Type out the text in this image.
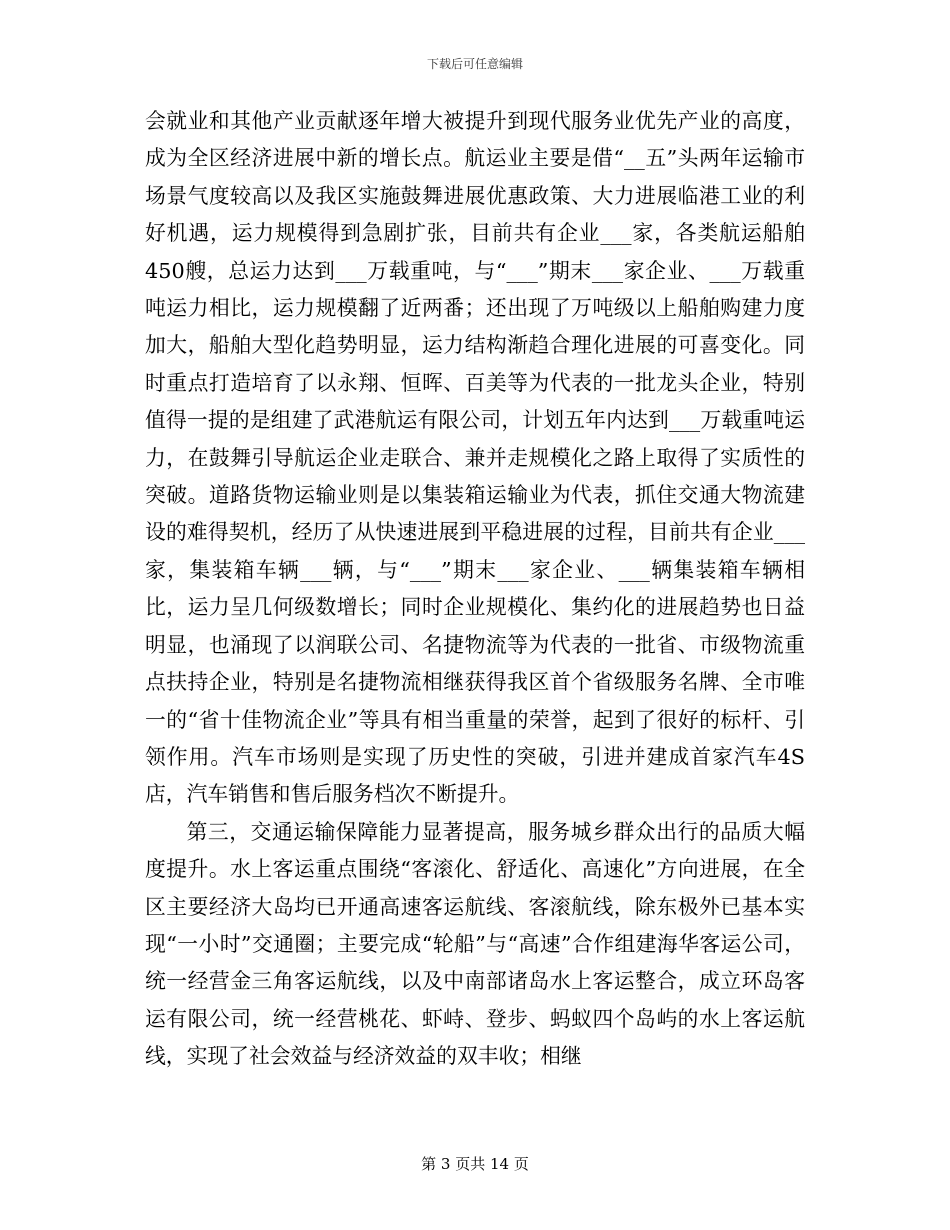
下载后可任意编辑

会就业和其他产业贡献逐年增大被提升到现代服务业优先产业的高度，成为全区经济进展中新的增长点。航运业主要是借“__五”头两年运输市场景气度较高以及我区实施鼓舞进展优惠政策、大力进展临港工业的利好机遇，运力规模得到急剧扩张，目前共有企业___家，各类航运船舶450艘，总运力达到___万载重吨，与“___”期末___家企业、___万载重吨运力相比，运力规模翻了近两番；还出现了万吨级以上船舶购建力度加大，船舶大型化趋势明显，运力结构渐趋合理化进展的可喜变化。同时重点打造培育了以永翔、恒晖、百美等为代表的一批龙头企业，特别值得一提的是组建了武港航运有限公司，计划五年内达到___万载重吨运力，在鼓舞引导航运企业走联合、兼并走规模化之路上取得了实质性的突破。道路货物运输业则是以集装箱运输业为代表，抓住交通大物流建设的难得契机，经历了从快速进展到平稳进展的过程，目前共有企业___家，集装箱车辆___辆，与“___”期末___家企业、___辆集装箱车辆相比，运力呈几何级数增长；同时企业规模化、集约化的进展趋势也日益明显，也涌现了以润联公司、名捷物流等为代表的一批省、市级物流重点扶持企业，特别是名捷物流相继获得我区首个省级服务名牌、全市唯一的“省十佳物流企业”等具有相当重量的荣誉，起到了很好的标杆、引领作用。汽车市场则是实现了历史性的突破，引进并建成首家汽车4S店，汽车销售和售后服务档次不断提升。

第三，交通运输保障能力显著提高，服务城乡群众出行的品质大幅度提升。水上客运重点围绕“客滚化、舒适化、高速化”方向进展，在全区主要经济大岛均已开通高速客运航线、客滚航线，除东极外已基本实现“一小时”交通圈；主要完成“轮船”与“高速”合作组建海华客运公司，统一经营金三角客运航线，以及中南部诸岛水上客运整合，成立环岛客运有限公司，统一经营桃花、虾峙、登步、蚂蚁四个岛屿的水上客运航线，实现了社会效益与经济效益的双丰收；相继

第 3 页共 14 页
